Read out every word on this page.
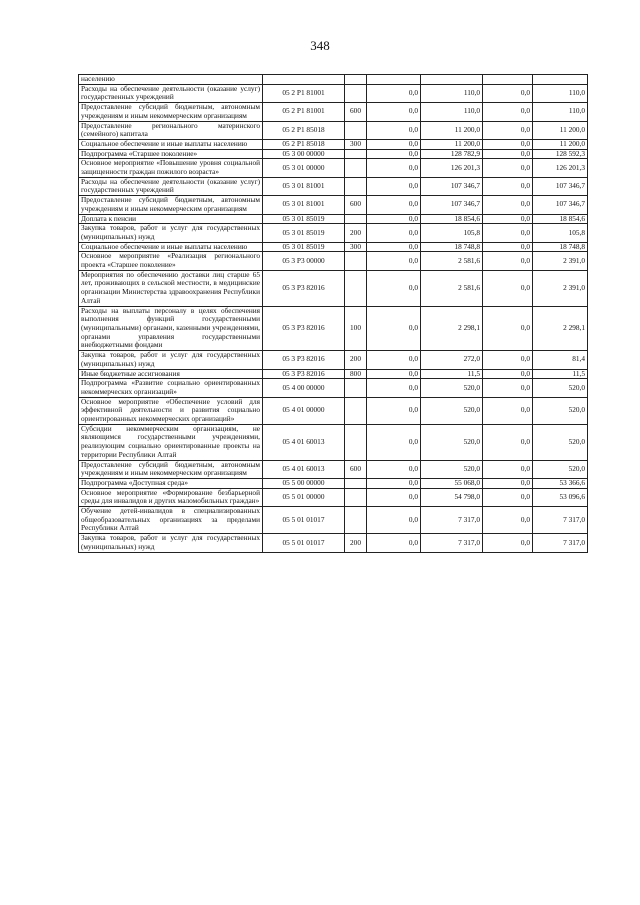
348
населению						
Расходы на обеспечение деятельности (оказание услуг) государственных учреждений	05 2 P1 81001		0,0	110,0	0,0	110,0
Предоставление субсидий бюджетным, автономным учреждениям и иным некоммерческим организациям	05 2 P1 81001	600	0,0	110,0	0,0	110,0
Предоставление регионального материнского (семейного) капитала	05 2 P1 85018		0,0	11 200,0	0,0	11 200,0
Социальное обеспечение и иные выплаты населению	05 2 P1 85018	300	0,0	11 200,0	0,0	11 200,0
Подпрограмма «Старшее поколение»	05 3 00 00000		0,0	128 782,9	0,0	128 592,3
Основное мероприятие «Повышение уровня социальной защищенности граждан пожилого возраста»	05 3 01 00000		0,0	126 201,3	0,0	126 201,3
Расходы на обеспечение деятельности (оказание услуг) государственных учреждений	05 3 01 81001		0,0	107 346,7	0,0	107 346,7
Предоставление субсидий бюджетным, автономным учреждениям и иным некоммерческим организациям	05 3 01 81001	600	0,0	107 346,7	0,0	107 346,7
Доплата к пенсии	05 3 01 85019		0,0	18 854,6	0,0	18 854,6
Закупка товаров, работ и услуг для государственных (муниципальных) нужд	05 3 01 85019	200	0,0	105,8	0,0	105,8
Социальное обеспечение и иные выплаты населению	05 3 01 85019	300	0,0	18 748,8	0,0	18 748,8
Основное мероприятие «Реализация регионального проекта «Старшее поколение»	05 3 P3 00000		0,0	2 581,6	0,0	2 391,0
Мероприятия по обеспечению доставки лиц старше 65 лет, проживающих в сельской местности, в медицинские организации Министерства здравоохранения Республики Алтай	05 3 P3 82016		0,0	2 581,6	0,0	2 391,0
Расходы на выплаты персоналу в целях обеспечения выполнения функций государственными (муниципальными) органами, казенными учреждениями, органами управления государственными внебюджетными фондами	05 3 P3 82016	100	0,0	2 298,1	0,0	2 298,1
Закупка товаров, работ и услуг для государственных (муниципальных) нужд	05 3 P3 82016	200	0,0	272,0	0,0	81,4
Иные бюджетные ассигнования	05 3 P3 82016	800	0,0	11,5	0,0	11,5
Подпрограмма «Развитие социально ориентированных некоммерческих организаций»	05 4 00 00000		0,0	520,0	0,0	520,0
Основное мероприятие «Обеспечение условий для эффективной деятельности и развития социально ориентированных некоммерческих организаций»	05 4 01 00000		0,0	520,0	0,0	520,0
Субсидии некоммерческим организациям, не являющимся государственными учреждениями, реализующим социально ориентированные проекты на территории Республики Алтай	05 4 01 60013		0,0	520,0	0,0	520,0
Предоставление субсидий бюджетным, автономным учреждениям и иным некоммерческим организациям	05 4 01 60013	600	0,0	520,0	0,0	520,0
Подпрограмма «Доступная среда»	05 5 00 00000		0,0	55 068,0	0,0	53 366,6
Основное мероприятие «Формирование безбарьерной среды для инвалидов и других маломобильных граждан»	05 5 01 00000		0,0	54 798,0	0,0	53 096,6
Обучение детей-инвалидов в специализированных общеобразовательных организациях за пределами Республики Алтай	05 5 01 01017		0,0	7 317,0	0,0	7 317,0
Закупка товаров, работ и услуг для государственных (муниципальных) нужд	05 5 01 01017	200	0,0	7 317,0	0,0	7 317,0
